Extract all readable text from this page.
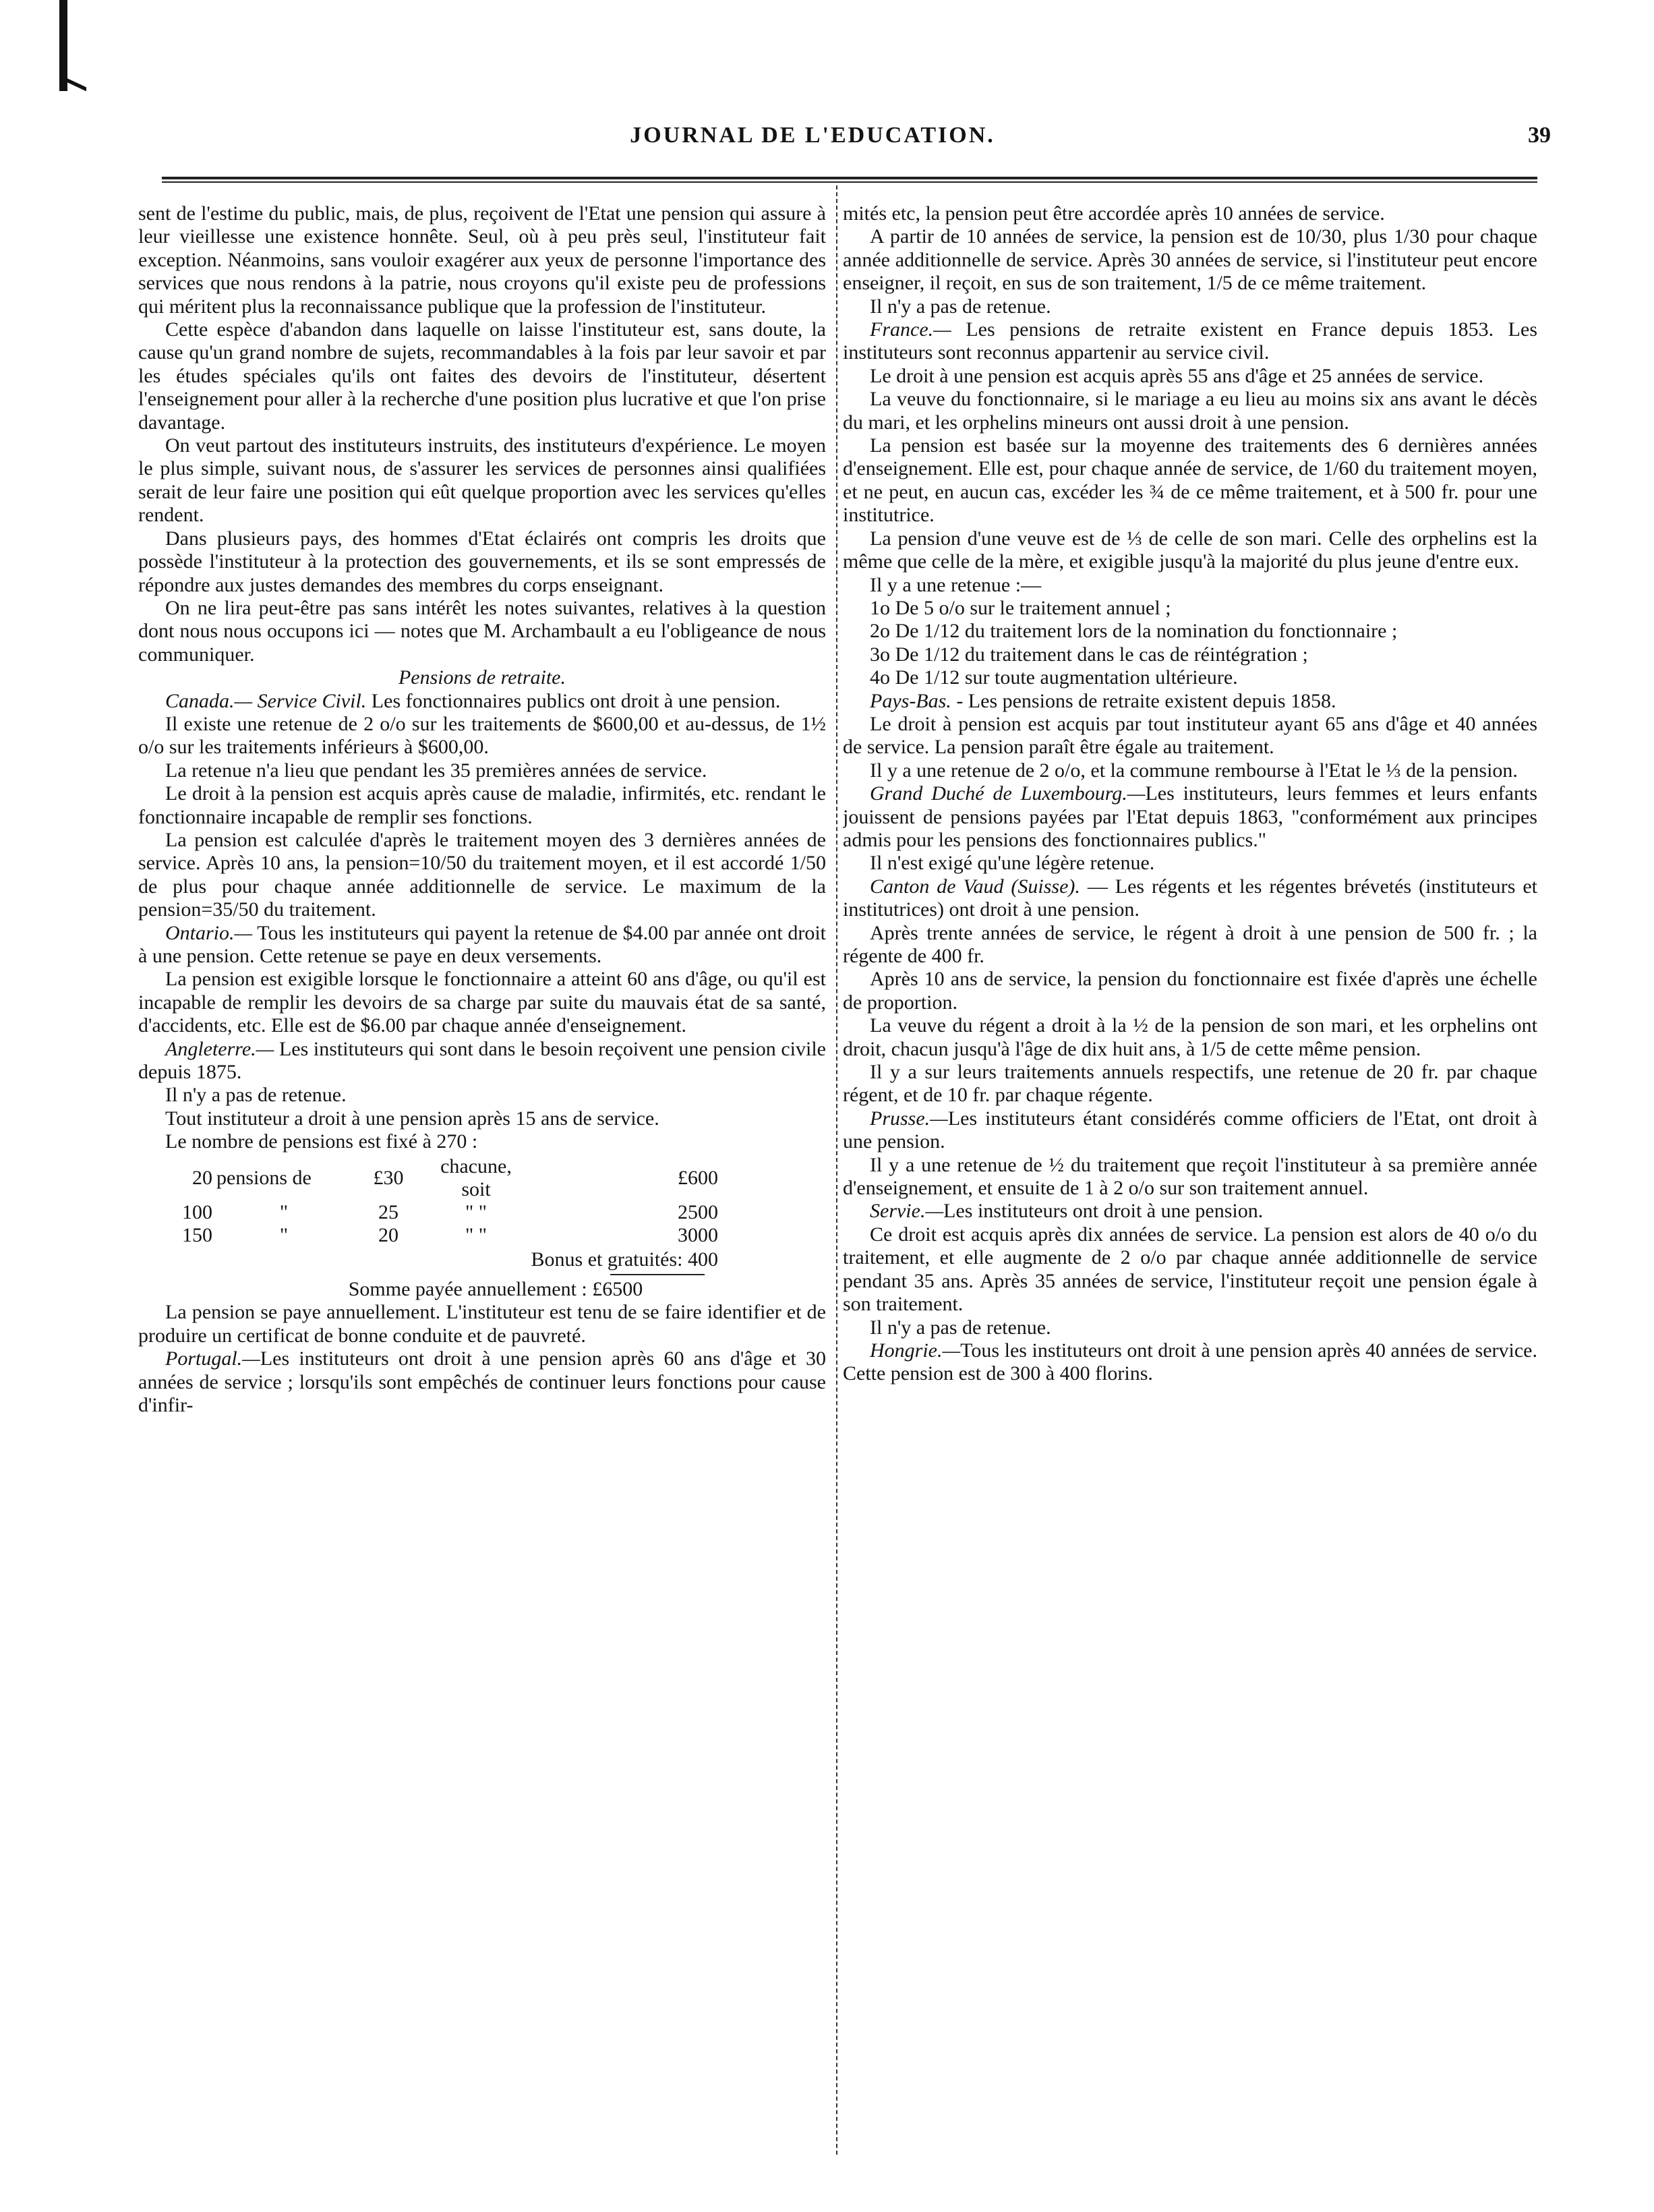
JOURNAL DE L'EDUCATION.	39

sent de l'estime du public, mais, de plus, reçoivent de l'Etat une pension qui assure à leur vieillesse une existence honnête. Seul, où à peu près seul, l'instituteur fait exception. Néanmoins, sans vouloir exagérer aux yeux de personne l'importance des services que nous rendons à la patrie, nous croyons qu'il existe peu de professions qui méritent plus la reconnaissance publique que la profession de l'instituteur.

Cette espèce d'abandon dans laquelle on laisse l'instituteur est, sans doute, la cause qu'un grand nombre de sujets, recommandables à la fois par leur savoir et par les études spéciales qu'ils ont faites des devoirs de l'instituteur, désertent l'enseignement pour aller à la recherche d'une position plus lucrative et que l'on prise davantage.

On veut partout des instituteurs instruits, des instituteurs d'expérience. Le moyen le plus simple, suivant nous, de s'assurer les services de personnes ainsi qualifiées serait de leur faire une position qui eût quelque proportion avec les services qu'elles rendent.

Dans plusieurs pays, des hommes d'Etat éclairés ont compris les droits que possède l'instituteur à la protection des gouvernements, et ils se sont empressés de répondre aux justes demandes des membres du corps enseignant.

On ne lira peut-être pas sans intérêt les notes suivantes, relatives à la question dont nous nous occupons ici — notes que M. Archambault a eu l'obligeance de nous communiquer.

Pensions de retraite.

Canada.— Service Civil. Les fonctionnaires publics ont droit à une pension.

Il existe une retenue de 2 o/o sur les traitements de $600,00 et au-dessus, de 1½ o/o sur les traitements inférieurs à $600,00.

La retenue n'a lieu que pendant les 35 premières années de service.

Le droit à la pension est acquis après cause de maladie, infirmités, etc. rendant le fonctionnaire incapable de remplir ses fonctions.

La pension est calculée d'après le traitement moyen des 3 dernières années de service. Après 10 ans, la pension=10/50 du traitement moyen, et il est accordé 1/50 de plus pour chaque année additionnelle de service. Le maximum de la pension=35/50 du traitement.

Ontario.— Tous les instituteurs qui payent la retenue de $4.00 par année ont droit à une pension. Cette retenue se paye en deux versements.

La pension est exigible lorsque le fonctionnaire a atteint 60 ans d'âge, ou qu'il est incapable de remplir les devoirs de sa charge par suite du mauvais état de sa santé, d'accidents, etc. Elle est de $6.00 par chaque année d'enseignement.

Angleterre.— Les instituteurs qui sont dans le besoin reçoivent une pension civile depuis 1875.

Il n'y a pas de retenue.

Tout instituteur a droit à une pension après 15 ans de service.

Le nombre de pensions est fixé à 270 :

20	pensions de	£30	chacune, soit	£600
100	"	25	" "	2500
150	"	20	" "	3000

Bonus et gratuités: 400

Somme payée annuellement : £6500

La pension se paye annuellement. L'instituteur est tenu de se faire identifier et de produire un certificat de bonne conduite et de pauvreté.

Portugal.—Les instituteurs ont droit à une pension après 60 ans d'âge et 30 années de service ; lorsqu'ils sont empêchés de continuer leurs fonctions pour cause d'infir-

mités etc, la pension peut être accordée après 10 années de service.

A partir de 10 années de service, la pension est de 10/30, plus 1/30 pour chaque année additionnelle de service. Après 30 années de service, si l'instituteur peut encore enseigner, il reçoit, en sus de son traitement, 1/5 de ce même traitement.

Il n'y a pas de retenue.

France.— Les pensions de retraite existent en France depuis 1853. Les instituteurs sont reconnus appartenir au service civil.

Le droit à une pension est acquis après 55 ans d'âge et 25 années de service.

La veuve du fonctionnaire, si le mariage a eu lieu au moins six ans avant le décès du mari, et les orphelins mineurs ont aussi droit à une pension.

La pension est basée sur la moyenne des traitements des 6 dernières années d'enseignement. Elle est, pour chaque année de service, de 1/60 du traitement moyen, et ne peut, en aucun cas, excéder les ¾ de ce même traitement, et à 500 fr. pour une institutrice.

La pension d'une veuve est de ⅓ de celle de son mari. Celle des orphelins est la même que celle de la mère, et exigible jusqu'à la majorité du plus jeune d'entre eux.

Il y a une retenue :—

1o De 5 o/o sur le traitement annuel ;

2o De 1/12 du traitement lors de la nomination du fonctionnaire ;

3o De 1/12 du traitement dans le cas de réintégration ;

4o De 1/12 sur toute augmentation ultérieure.

Pays-Bas. - Les pensions de retraite existent depuis 1858.

Le droit à pension est acquis par tout instituteur ayant 65 ans d'âge et 40 années de service. La pension paraît être égale au traitement.

Il y a une retenue de 2 o/o, et la commune rembourse à l'Etat le ⅓ de la pension.

Grand Duché de Luxembourg.—Les instituteurs, leurs femmes et leurs enfants jouissent de pensions payées par l'Etat depuis 1863, "conformément aux principes admis pour les pensions des fonctionnaires publics."

Il n'est exigé qu'une légère retenue.

Canton de Vaud (Suisse). — Les régents et les régentes brévetés (instituteurs et institutrices) ont droit à une pension.

Après trente années de service, le régent à droit à une pension de 500 fr. ; la régente de 400 fr.

Après 10 ans de service, la pension du fonctionnaire est fixée d'après une échelle de proportion.

La veuve du régent a droit à la ½ de la pension de son mari, et les orphelins ont droit, chacun jusqu'à l'âge de dix huit ans, à 1/5 de cette même pension.

Il y a sur leurs traitements annuels respectifs, une retenue de 20 fr. par chaque régent, et de 10 fr. par chaque régente.

Prusse.—Les instituteurs étant considérés comme officiers de l'Etat, ont droit à une pension.

Il y a une retenue de ½ du traitement que reçoit l'instituteur à sa première année d'enseignement, et ensuite de 1 à 2 o/o sur son traitement annuel.

Servie.—Les instituteurs ont droit à une pension.

Ce droit est acquis après dix années de service. La pension est alors de 40 o/o du traitement, et elle augmente de 2 o/o par chaque année additionnelle de service pendant 35 ans. Après 35 années de service, l'instituteur reçoit une pension égale à son traitement.

Il n'y a pas de retenue.

Hongrie.—Tous les instituteurs ont droit à une pension après 40 années de service. Cette pension est de 300 à 400 florins.
